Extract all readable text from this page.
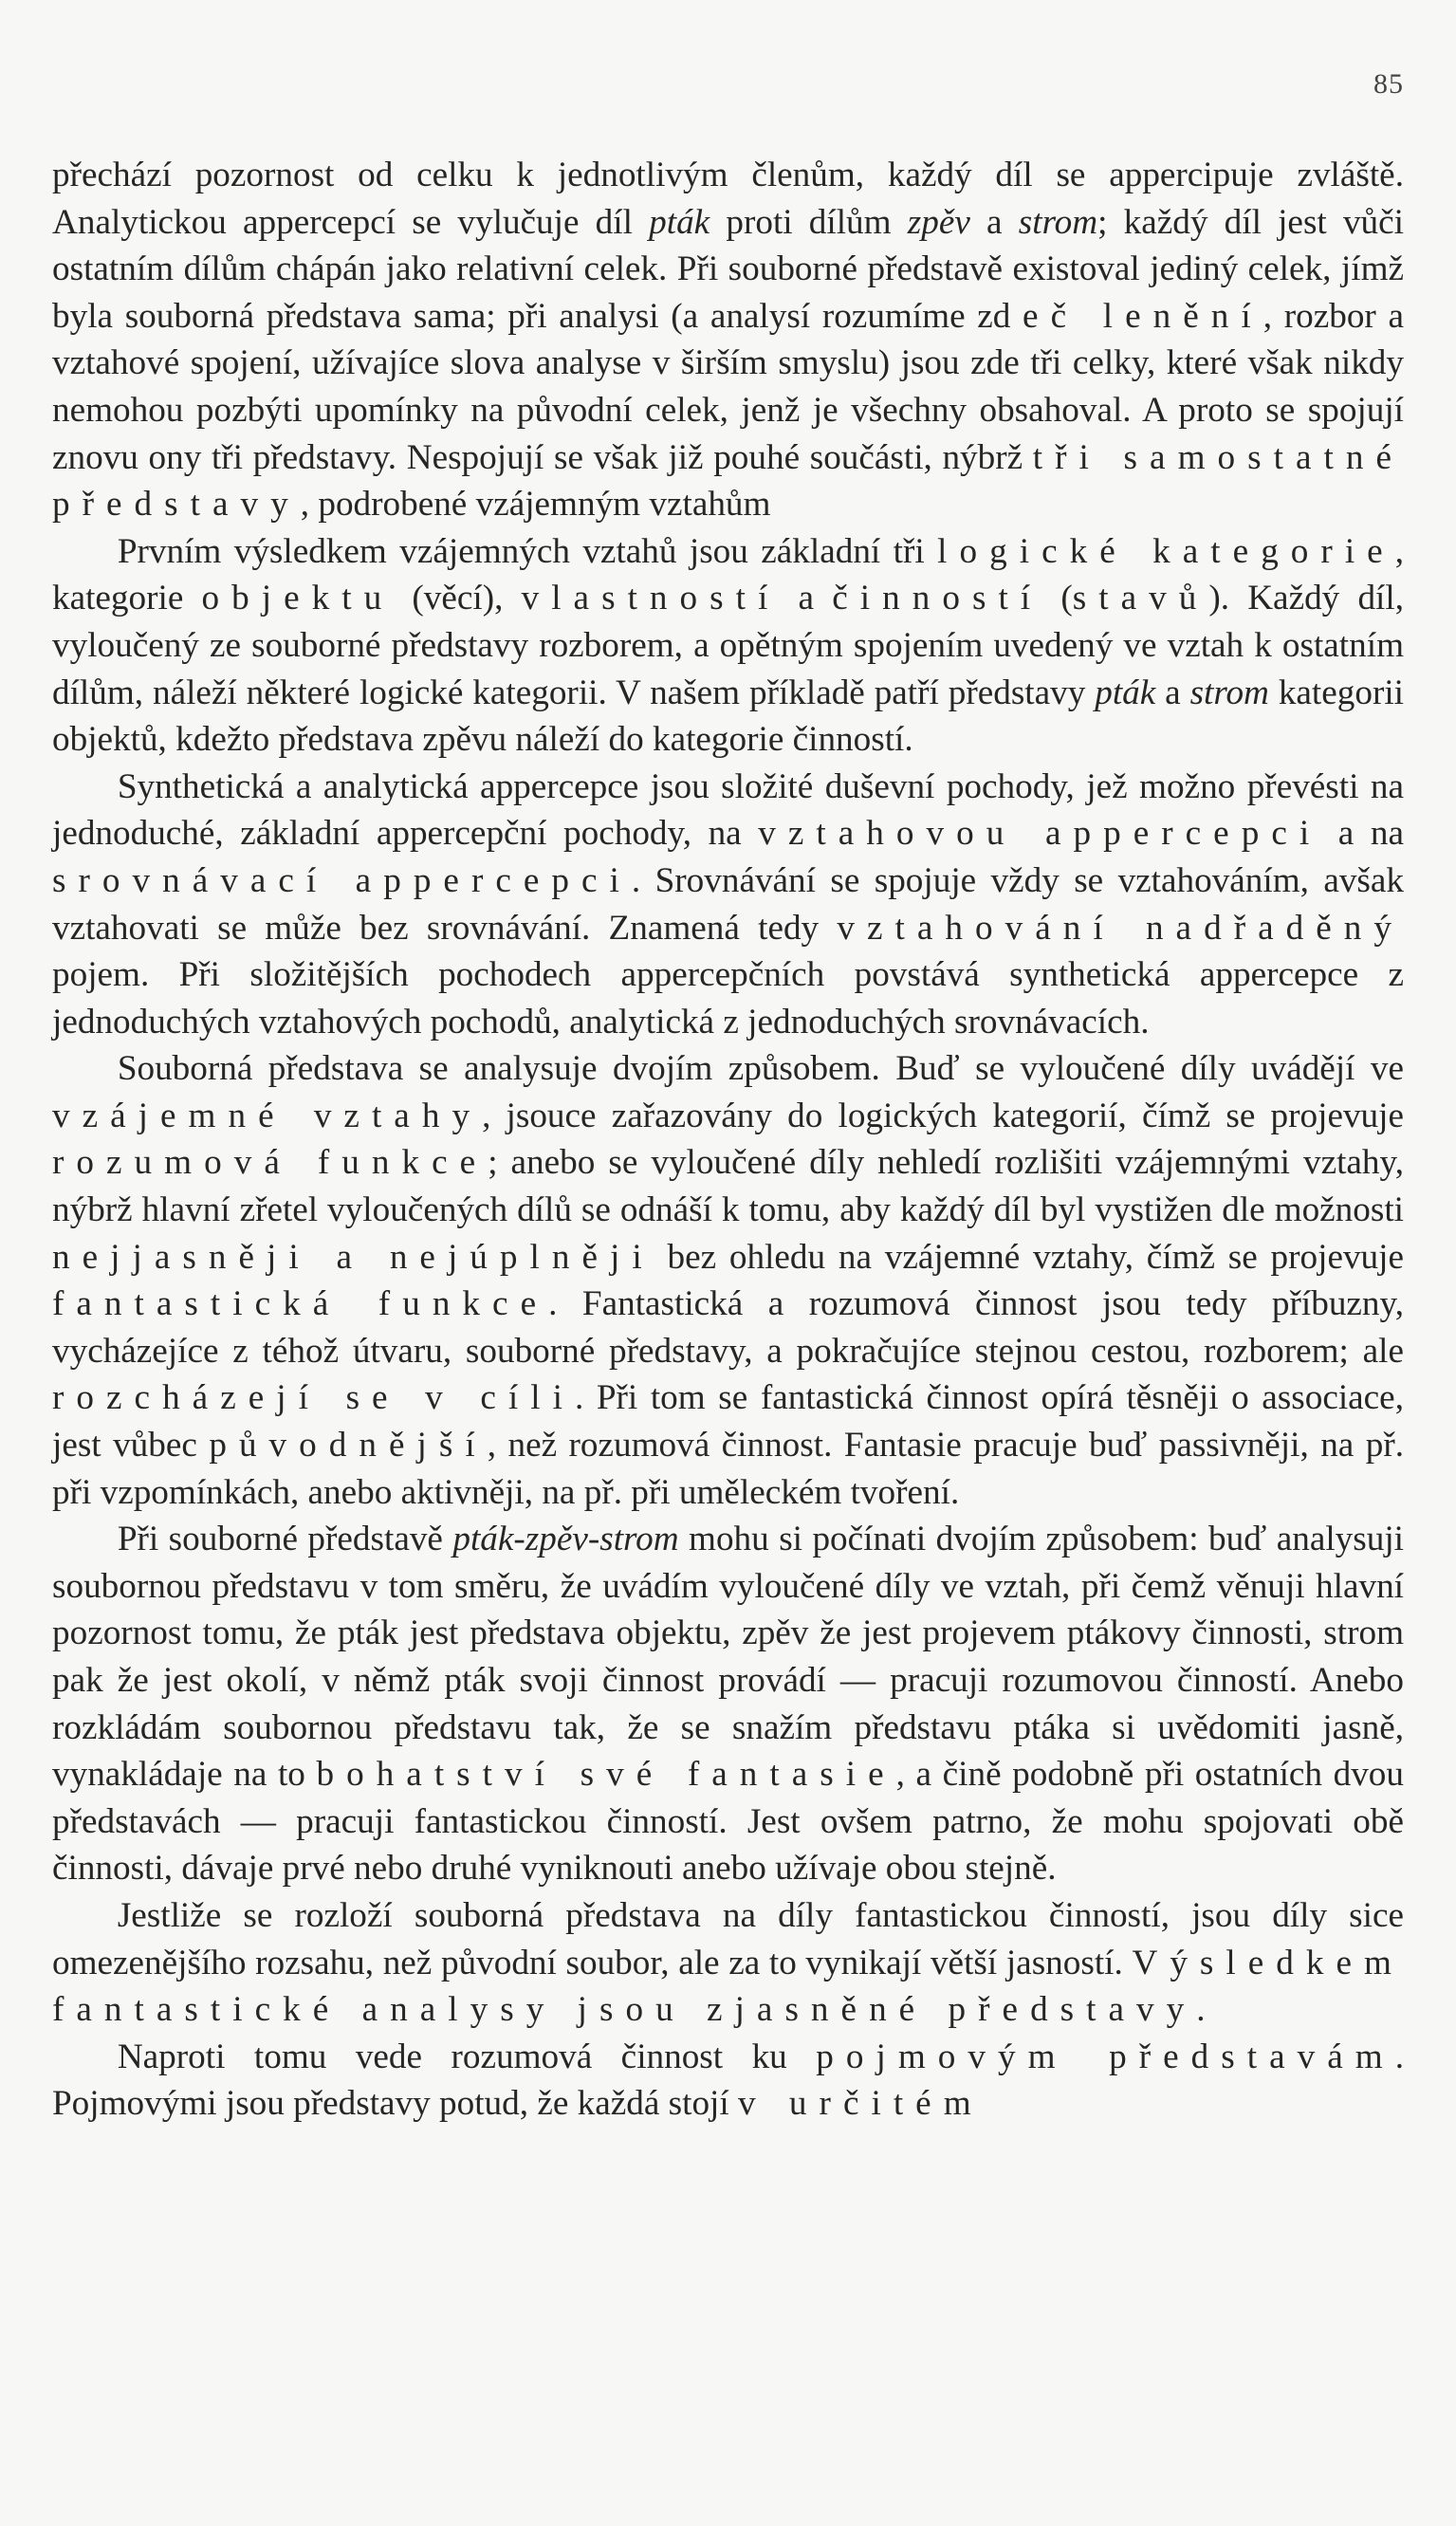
85

přechází pozornost od celku k jednotlivým členům, každý díl se appercipuje zvláště. Analytickou appercepcí se vylučuje díl pták proti dílům zpěv a strom; každý díl jest vůči ostatním dílům chápán jako relativní celek. Při souborné představě existoval jediný celek, jímž byla souborná představa sama; při analysi (a analysí rozumíme zd eč lenění, rozbor a vztahové spojení, užívajíce slova analyse v širším smyslu) jsou zde tři celky, které však nikdy nemohou pozbýti upomínky na původní celek, jenž je všechny obsahoval. A proto se spojují znovu ony tři představy. Nespojují se však již pouhé součásti, nýbrž tři samostatné představy, podrobené vzájemným vztahům

Prvním výsledkem vzájemných vztahů jsou základní tři logické kategorie, kategorie objektu (věcí), vlastností a činností (stavů). Každý díl, vyloučený ze souborné představy rozborem, a opětným spojením uvedený ve vztah k ostatním dílům, náleží některé logické kategorii. V našem příkladě patří představy pták a strom kategorii objektů, kdežto představa zpěvu náleží do kategorie činností.

Synthetická a analytická appercepce jsou složité duševní pochody, jež možno převésti na jednoduché, základní appercepční pochody, na vztahovou appercepci a na srovnávací appercepci. Srovnávání se spojuje vždy se vztahováním, avšak vztahovati se může bez srovnávání. Znamená tedy vztahování nadřaděný pojem. Při složitějších pochodech appercepčních povstává synthetická appercepce z jednoduchých vztahových pochodů, analytická z jednoduchých srovnávacích.

Souborná představa se analysuje dvojím způsobem. Buď se vyloučené díly uvádějí ve vzájemné vztahy, jsouce zařazovány do logických kategorií, čímž se projevuje rozumová funkce; anebo se vyloučené díly nehledí rozlišiti vzájemnými vztahy, nýbrž hlavní zřetel vyloučených dílů se odnáší k tomu, aby každý díl byl vystižen dle možnosti nejjasněji a nejúplněji bez ohledu na vzájemné vztahy, čímž se projevuje fantastická funkce. Fantastická a rozumová činnost jsou tedy příbuzny, vycházejíce z téhož útvaru, souborné představy, a pokračujíce stejnou cestou, rozborem; ale rozcházejí se v cíli. Při tom se fantastická činnost opírá těsněji o associace, jest vůbec původnější, než rozumová činnost. Fantasie pracuje buď passivněji, na př. při vzpomínkách, anebo aktivněji, na př. při uměleckém tvoření.

Při souborné představě pták-zpěv-strom mohu si počínati dvojím způsobem: buď analysuji soubornou představu v tom směru, že uvádím vyloučené díly ve vztah, při čemž věnuji hlavní pozornost tomu, že pták jest představa objektu, zpěv že jest projevem ptákovy činnosti, strom pak že jest okolí, v němž pták svoji činnost provádí — pracuji rozumovou činností. Anebo rozkládám soubornou představu tak, že se snažím představu ptáka si uvědomiti jasně, vynakládaje na to bohatství své fantasie, a čině podobně při ostatních dvou představách — pracuji fantastickou činností. Jest ovšem patrno, že mohu spojovati obě činnosti, dávaje prvé nebo druhé vyniknouti anebo užívaje obou stejně.

Jestliže se rozloží souborná představa na díly fantastickou činností, jsou díly sice omezenějšího rozsahu, než původní soubor, ale za to vynikají větší jasností. Výsledkem fantastické analysy jsou zjasněné představy.

Naproti tomu vede rozumová činnost ku pojmovým představám. Pojmovými jsou představy potud, že každá stojí v určitém
